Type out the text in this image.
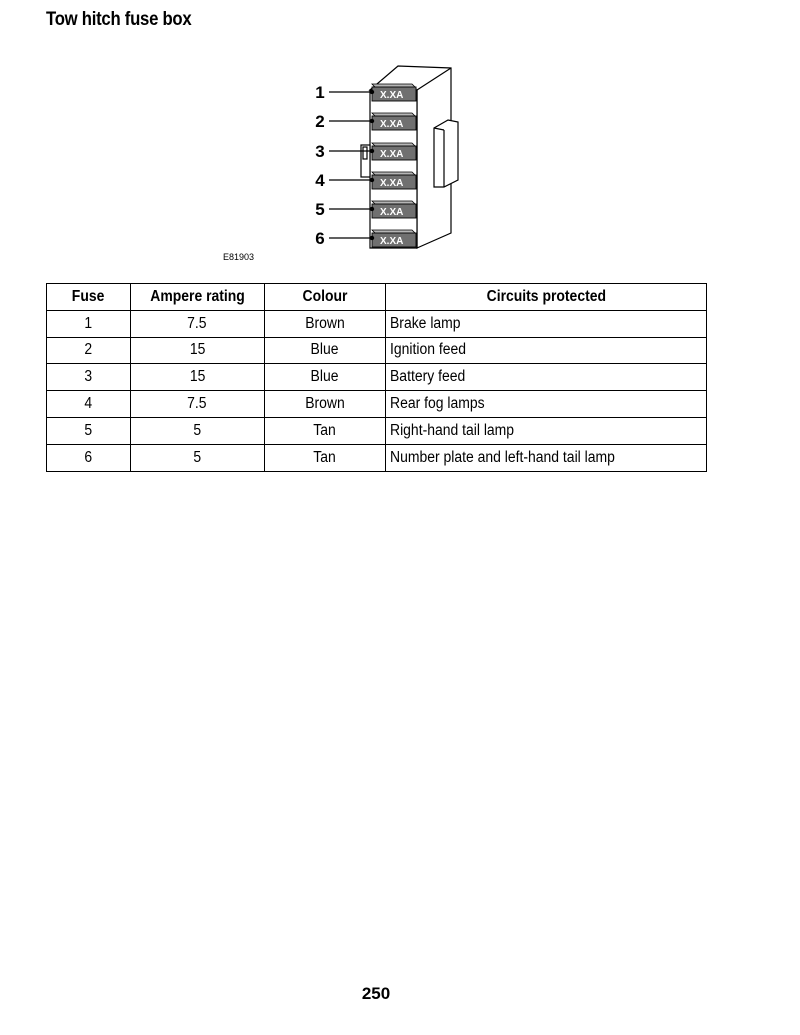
Tow hitch fuse box
X.XA
X.XA
X.XA
X.XA
X.XA
X.XA
1
2
3
4
5
6
E81903
Fuse	Ampere rating	Colour	Circuits protected
1	7.5	Brown	Brake lamp
2	15	Blue	Ignition feed
3	15	Blue	Battery feed
4	7.5	Brown	Rear fog lamps
5	5	Tan	Right-hand tail lamp
6	5	Tan	Number plate and left-hand tail lamp
250
